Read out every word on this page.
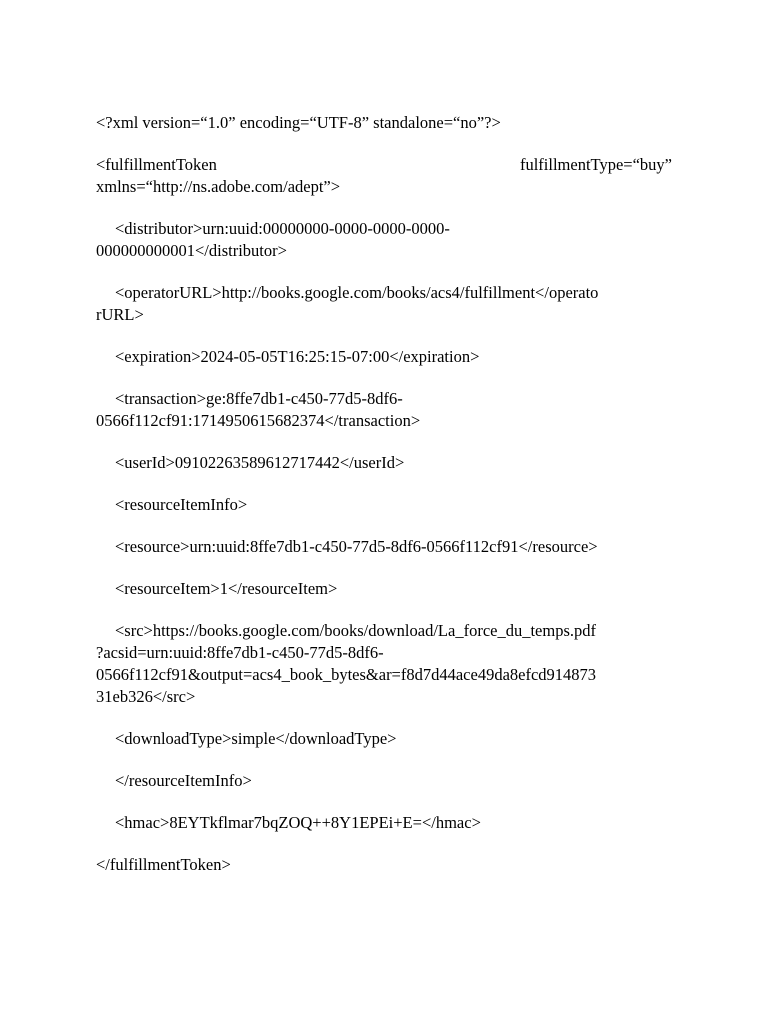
<?xml version=“1.0” encoding=“UTF-8” standalone=“no”?>

<fulfillmentToken	fulfillmentType=“buy”
xmlns=“http://ns.adobe.com/adept”>
<distributor>urn:uuid:00000000-0000-0000-0000-
000000000001</distributor>
<operatorURL>http://books.google.com/books/acs4/fulfillment</operato
rURL>

<expiration>2024-05-05T16:25:15-07:00</expiration>

<transaction>ge:8ffe7db1-c450-77d5-8df6-
0566f112cf91:1714950615682374</transaction>

<userId>09102263589612717442</userId>

<resourceItemInfo>

<resource>urn:uuid:8ffe7db1-c450-77d5-8df6-0566f112cf91</resource>

<resourceItem>1</resourceItem>

<src>https://books.google.com/books/download/La_force_du_temps.pdf
?acsid=urn:uuid:8ffe7db1-c450-77d5-8df6-
0566f112cf91&output=acs4_book_bytes&ar=f8d7d44ace49da8efcd914873
31eb326</src>

<downloadType>simple</downloadType>

</resourceItemInfo>

<hmac>8EYTkflmar7bqZOQ++8Y1EPEi+E=</hmac>

</fulfillmentToken>
